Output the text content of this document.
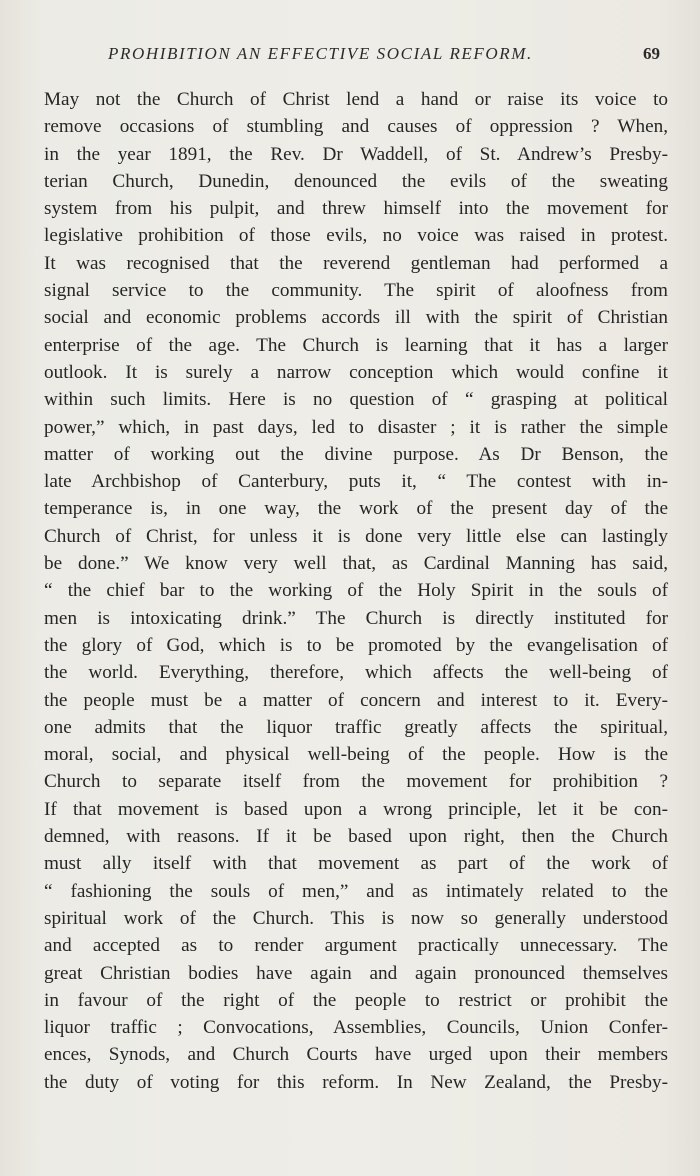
PROHIBITION AN EFFECTIVE SOCIAL REFORM.	69
May not the Church of Christ lend a hand or raise its voice to
remove occasions of stumbling and causes of oppression ? When,
in the year 1891, the Rev. Dr Waddell, of St. Andrew’s Presby-
terian Church, Dunedin, denounced the evils of the sweating
system from his pulpit, and threw himself into the movement for
legislative prohibition of those evils, no voice was raised in protest.
It was recognised that the reverend gentleman had performed a
signal service to the community. The spirit of aloofness from
social and economic problems accords ill with the spirit of Christian
enterprise of the age. The Church is learning that it has a larger
outlook. It is surely a narrow conception which would confine it
within such limits. Here is no question of “ grasping at political
power,” which, in past days, led to disaster ; it is rather the simple
matter of working out the divine purpose. As Dr Benson, the
late Archbishop of Canterbury, puts it, “ The contest with in-
temperance is, in one way, the work of the present day of the
Church of Christ, for unless it is done very little else can lastingly
be done.” We know very well that, as Cardinal Manning has said,
“ the chief bar to the working of the Holy Spirit in the souls of
men is intoxicating drink.” The Church is directly instituted for
the glory of God, which is to be promoted by the evangelisation of
the world. Everything, therefore, which affects the well-being of
the people must be a matter of concern and interest to it. Every-
one admits that the liquor traffic greatly affects the spiritual,
moral, social, and physical well-being of the people. How is the
Church to separate itself from the movement for prohibition ?
If that movement is based upon a wrong principle, let it be con-
demned, with reasons. If it be based upon right, then the Church
must ally itself with that movement as part of the work of
“ fashioning the souls of men,” and as intimately related to the
spiritual work of the Church. This is now so generally understood
and accepted as to render argument practically unnecessary. The
great Christian bodies have again and again pronounced themselves
in favour of the right of the people to restrict or prohibit the
liquor traffic ; Convocations, Assemblies, Councils, Union Confer-
ences, Synods, and Church Courts have urged upon their members
the duty of voting for this reform. In New Zealand, the Presby-
